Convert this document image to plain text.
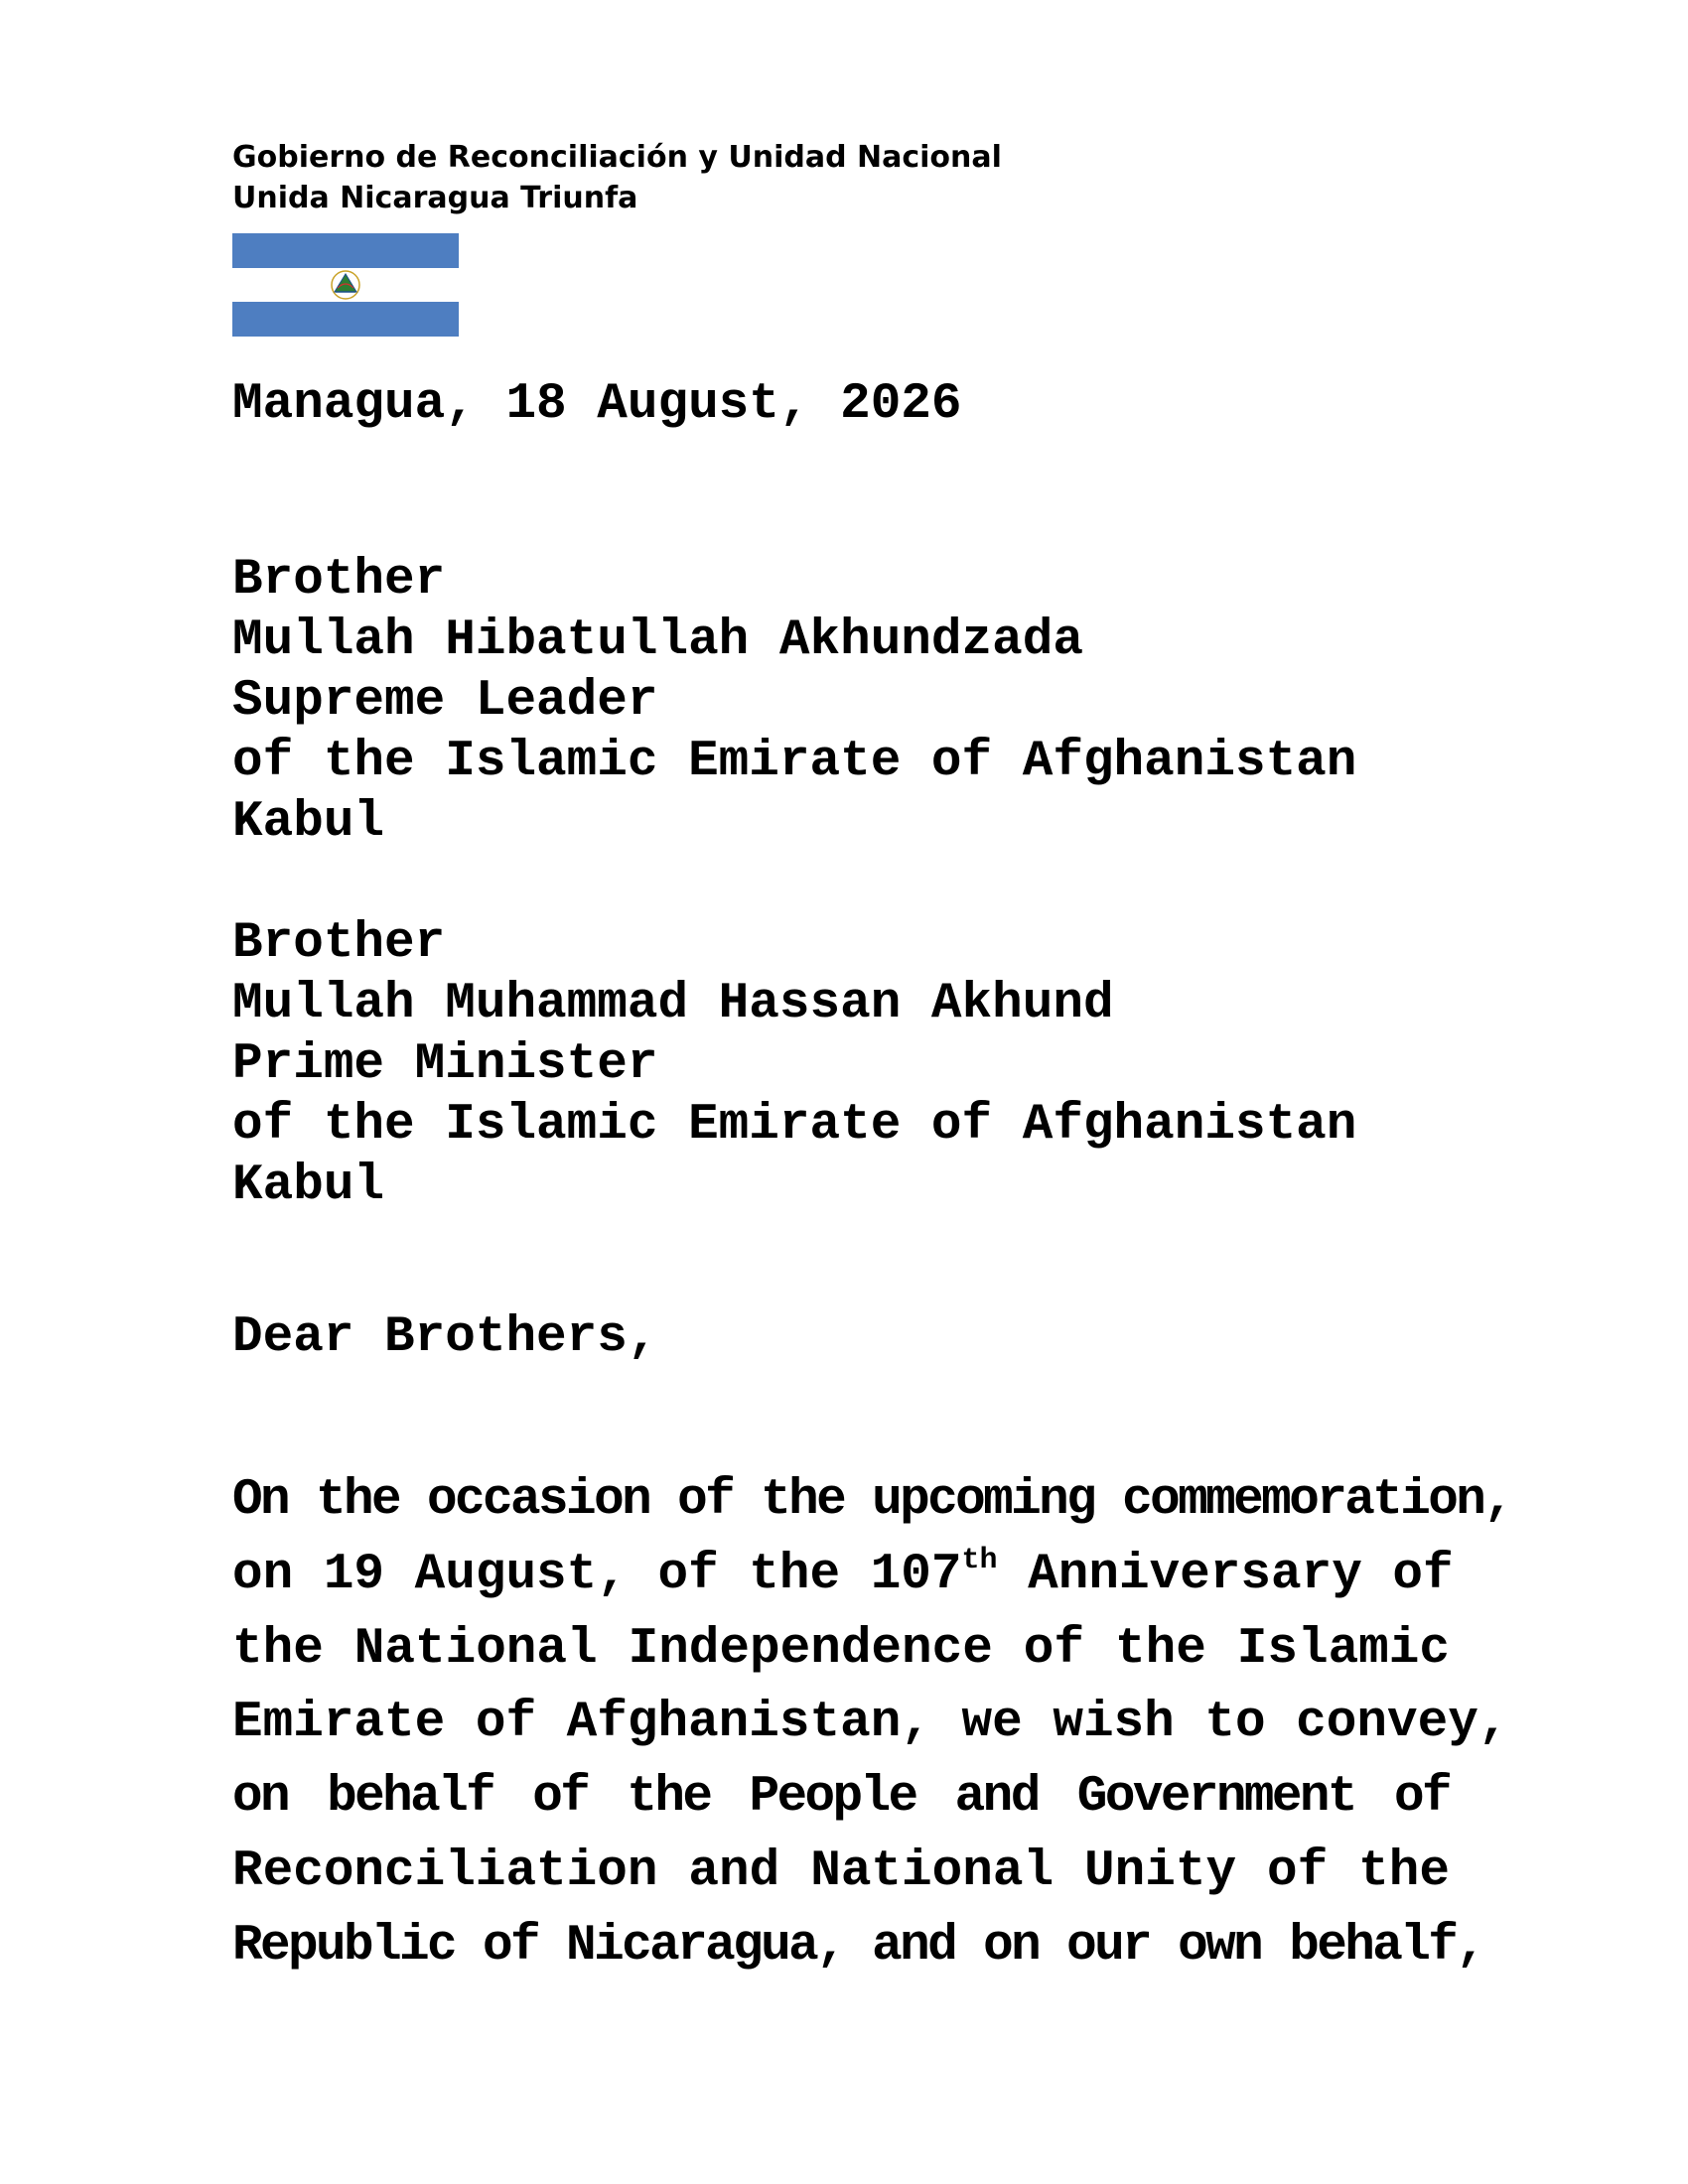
Gobierno de Reconciliación y Unidad Nacional
Unida Nicaragua Triunfa
Managua, 18 August, 2026
Brother
Mullah Hibatullah Akhundzada
Supreme Leader
of the Islamic Emirate of Afghanistan
Kabul
Brother
Mullah Muhammad Hassan Akhund
Prime Minister
of the Islamic Emirate of Afghanistan
Kabul
Dear Brothers,
On the occasion of the upcoming commemoration,
on 19 August, of the 107th Anniversary of
the National Independence of the Islamic
Emirate of Afghanistan, we wish to convey,
on behalf of the People and Government of
Reconciliation and National Unity of the
Republic of Nicaragua, and on our own behalf,
